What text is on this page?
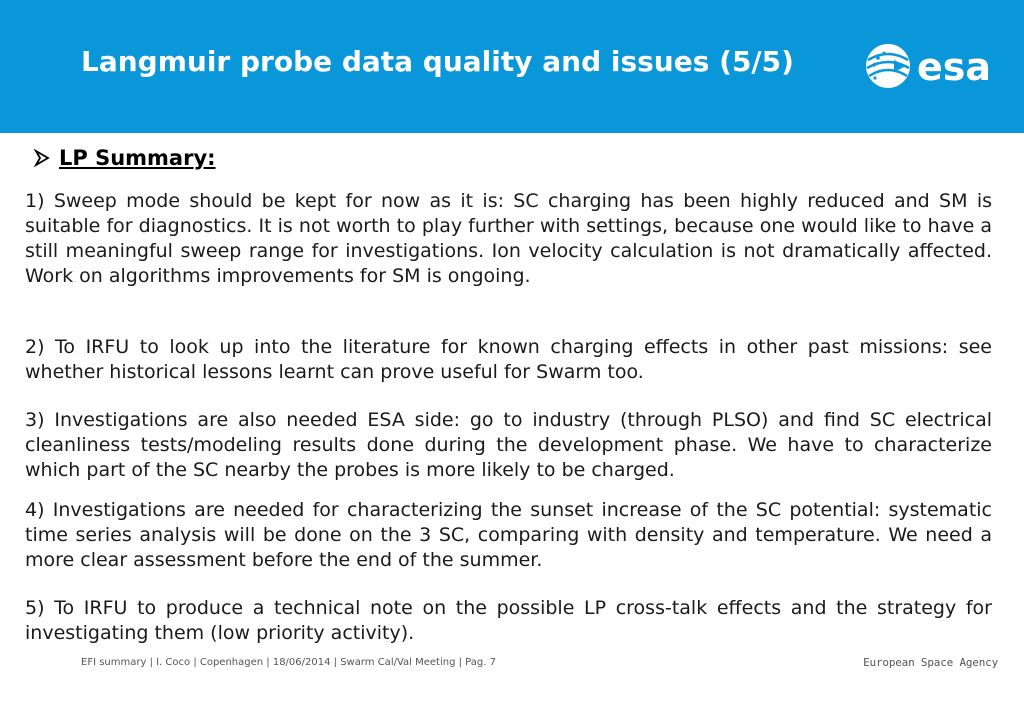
Langmuir probe data quality and issues (5/5)	esa
LP Summary:

1) Sweep mode should be kept for now as it is: SC charging has been highly reduced and SM is suitable for diagnostics. It is not worth to play further with settings, because one would like to have a still meaningful sweep range for investigations. Ion velocity calculation is not dramatically affected. Work on algorithms improvements for SM is ongoing.

2) To IRFU to look up into the literature for known charging effects in other past missions: see whether historical lessons learnt can prove useful for Swarm too.

3) Investigations are also needed ESA side: go to industry (through PLSO) and find SC electrical cleanliness tests/modeling results done during the development phase. We have to characterize which part of the SC nearby the probes is more likely to be charged.

4) Investigations are needed for characterizing the sunset increase of the SC potential: systematic time series analysis will be done on the 3 SC, comparing with density and temperature. We need a more clear assessment before the end of the summer.

5) To IRFU to produce a technical note on the possible LP cross-talk effects and the strategy for investigating them (low priority activity).

EFI summary | I. Coco | Copenhagen | 18/06/2014 | Swarm Cal/Val Meeting | Pag. 7	European Space Agency
